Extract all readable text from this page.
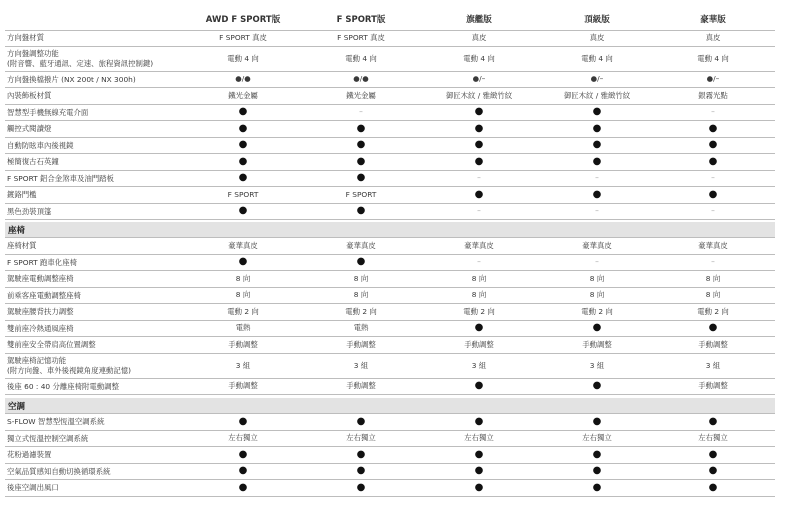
AWD F SPORT版	F SPORT版	旗艦版	頂級版	豪華版
方向盤材質	F SPORT 真皮	F SPORT 真皮	真皮	真皮	真皮
方向盤調整功能
(附音響、藍牙通訊、定速、旅程資訊控制鍵)
電動 4 向	電動 4 向	電動 4 向	電動 4 向	電動 4 向
方向盤換檔撥片 (NX 200t / NX 300h)	●/●	●/●	●/–	●/–	●/–
內裝飾板材質	鐵光金屬	鐵光金屬	御匠木紋 / 雅緻竹紋	御匠木紋 / 雅緻竹紋	銀霧光點
智慧型手機無線充電介面	●	–	●	●	–
觸控式閱讀燈	●	●	●	●	●
自動防眩車內後視鏡	●	●	●	●	●
極簡復古石英鐘	●	●	●	●	●
F SPORT 鋁合金煞車及油門踏板	●	●	–	–	–
鍍鉻門檻	F SPORT	F SPORT	●	●	●
黑色劲裝頂篷	●	●	–	–	–
座椅
座椅材質	豪華真皮	豪華真皮	豪華真皮	豪華真皮	豪華真皮
F SPORT 跑車化座椅	●	●	–	–	–
駕駛座電動調整座椅	8 向	8 向	8 向	8 向	8 向
前乘客座電動調整座椅	8 向	8 向	8 向	8 向	8 向
駕駛座腰背扶力調整	電動 2 向	電動 2 向	電動 2 向	電動 2 向	電動 2 向
雙前座冷熱通風座椅	電熱	電熱	●	●	●
雙前座安全帶肩高位置調整	手動調整	手動調整	手動調整	手動調整	手動調整
駕駛座椅記憶功能
(附方向盤、車外後視鏡角度連動記憶)
3 組	3 組	3 組	3 組	3 組
後座 60 : 40 分離座椅附電動調整	手動調整	手動調整	●	●	手動調整
空調
S-FLOW 智慧型恆溫空調系統	●	●	●	●	●
獨立式恆溫控制空調系統	左右獨立	左右獨立	左右獨立	左右獨立	左右獨立
花粉過濾裝置	●	●	●	●	●
空氣品質感知自動切換循環系統	●	●	●	●	●
後座空調出風口	●	●	●	●	●
